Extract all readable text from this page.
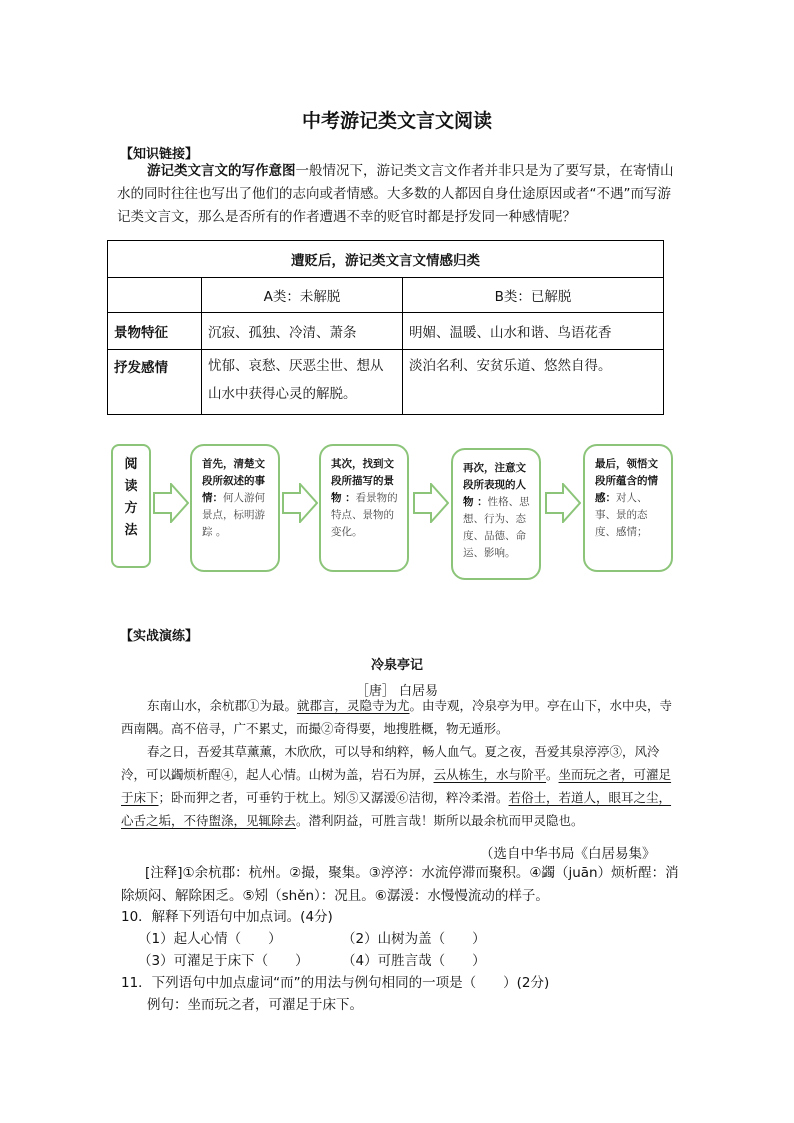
中考游记类文言文阅读
【知识链接】
游记类文言文的写作意图一般情况下，游记类文言文作者并非只是为了要写景，在寄情山水的同时往往也写出了他们的志向或者情感。大多数的人都因自身仕途原因或者“不遇”而写游记类文言文，那么是否所有的作者遭遇不幸的贬官时都是抒发同一种感情呢？
遭贬后，游记类文言文情感归类		
	A类：未解脱	B类：已解脱
景物特征	沉寂、孤独、冷清、萧条	明媚、温暖、山水和谐、鸟语花香
抒发感情	忧郁、哀愁、厌恶尘世、想从山水中获得心灵的解脱。	淡泊名利、安贫乐道、悠然自得。
阅读方法
首先，清楚文段所叙述的事情：何人游何景点，标明游踪 。
其次，找到文段所描写的景物 ：看景物的特点、景物的变化。
再次，注意文段所表现的人物 ：性格、思想、行为、态度、品德、命运、影响。
最后，领悟文段所蕴含的情感：对人、事、景的态度、感情；
【实战演练】
冷泉亭记
［唐］ 白居易
东南山水，余杭郡①为最。就郡言，灵隐寺为尤。由寺观，冷泉亭为甲。亭在山下，水中央，寺西南隅。高不倍寻，广不累丈，而撮②奇得要，地搜胜概，物无遁形。
春之日，吾爱其草薰薰，木欣欣，可以导和纳粹，畅人血气。夏之夜，吾爱其泉渟渟③，风泠泠，可以蠲烦析酲④，起人心情。山树为盖，岩石为屏，云从栋生，水与阶平。坐而玩之者，可濯足于床下；卧而狎之者，可垂钓于枕上。矧⑤又潺湲⑥洁彻，粹冷柔滑。若俗士，若道人，眼耳之尘，心舌之垢，不待盥涤，见辄除去。潜利阴益，可胜言哉！斯所以最余杭而甲灵隐也。
（选自中华书局《白居易集》
[注释]①余杭郡：杭州。②撮，聚集。③渟渟：水流停滞而聚积。④蠲（juān）烦析酲：消除烦闷、解除困乏。⑤矧（shěn）：况且。⑥潺湲：水慢慢流动的样子。
10．解释下列语句中加点词。(4分)
（1）起人心情（　　）	（2）山树为盖（　　）
（3）可濯足于床下（　　） （4）可胜言哉（　　）
11．下列语句中加点虚词“而”的用法与例句相同的一项是（　　）(2分)
例句：坐而玩之者，可濯足于床下。
